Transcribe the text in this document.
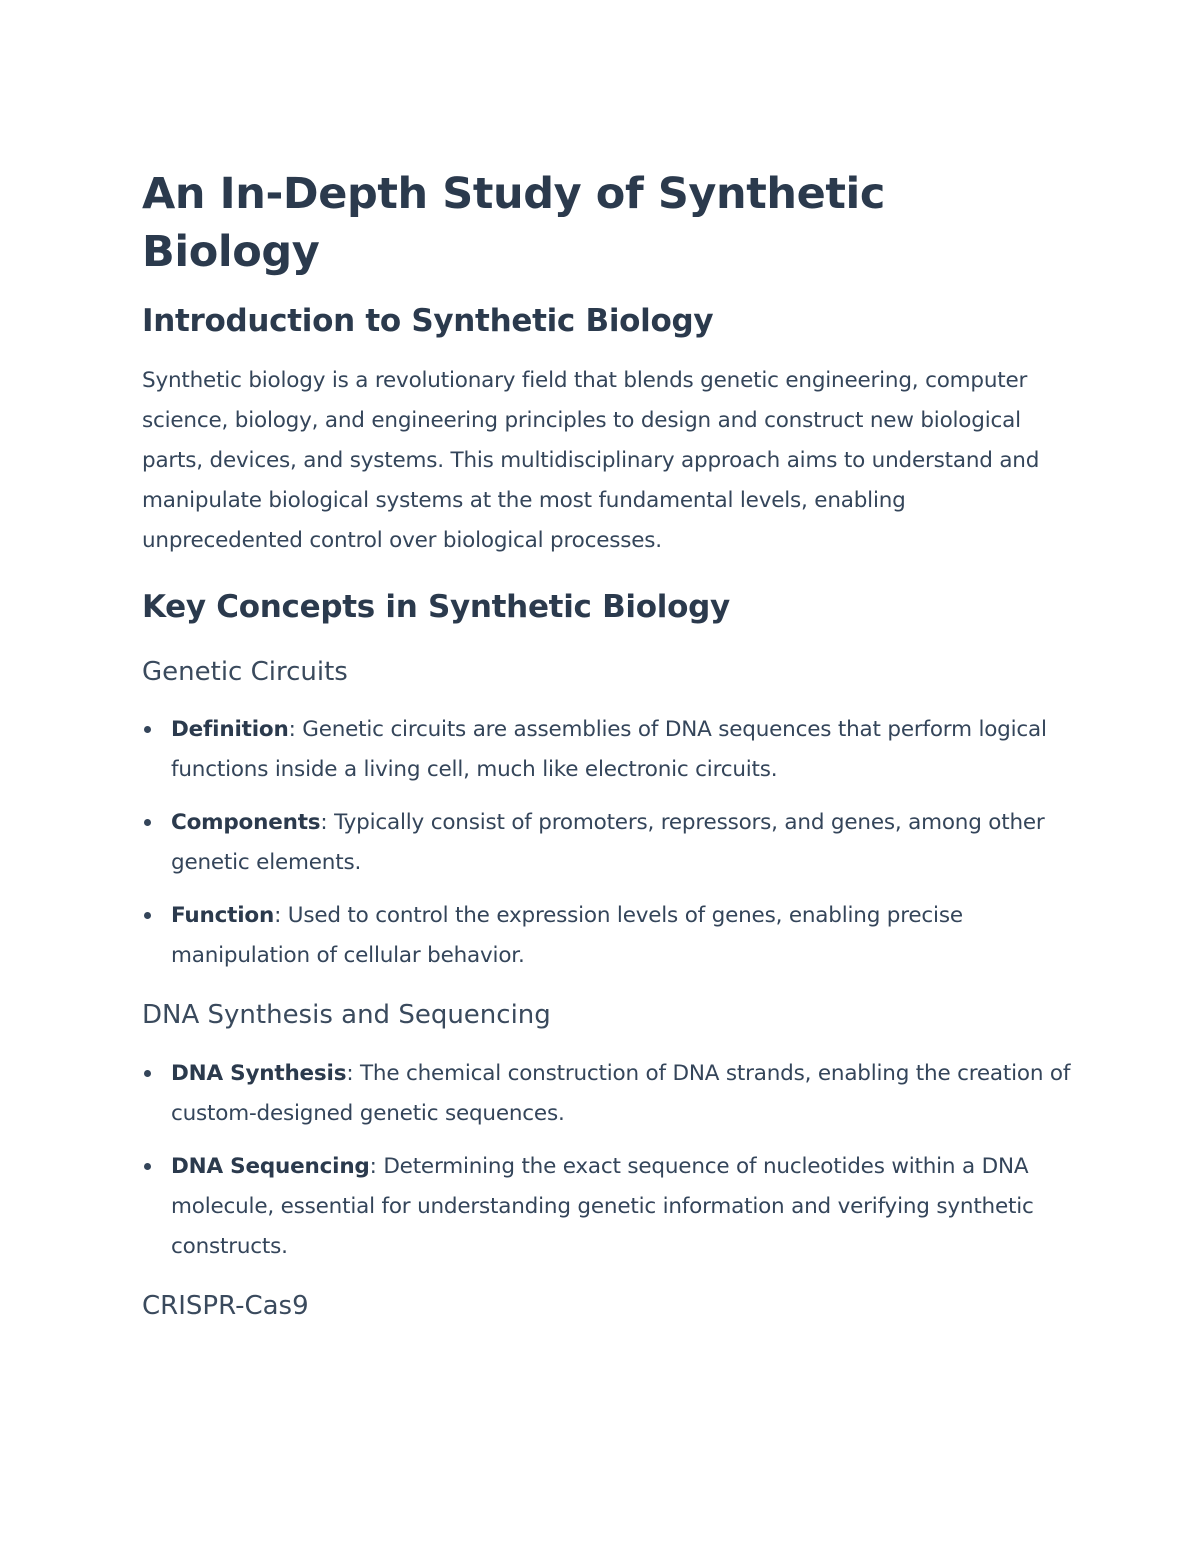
An In-Depth Study of Synthetic Biology
Introduction to Synthetic Biology

Synthetic biology is a revolutionary field that blends genetic engineering, computer science, biology, and engineering principles to design and construct new biological parts, devices, and systems. This multidisciplinary approach aims to understand and manipulate biological systems at the most fundamental levels, enabling unprecedented control over biological processes.

Key Concepts in Synthetic Biology
Genetic Circuits
Definition: Genetic circuits are assemblies of DNA sequences that perform logical functions inside a living cell, much like electronic circuits.
Components: Typically consist of promoters, repressors, and genes, among other genetic elements.
Function: Used to control the expression levels of genes, enabling precise manipulation of cellular behavior.
DNA Synthesis and Sequencing
DNA Synthesis: The chemical construction of DNA strands, enabling the creation of custom-designed genetic sequences.
DNA Sequencing: Determining the exact sequence of nucleotides within a DNA molecule, essential for understanding genetic information and verifying synthetic constructs.
CRISPR-Cas9
